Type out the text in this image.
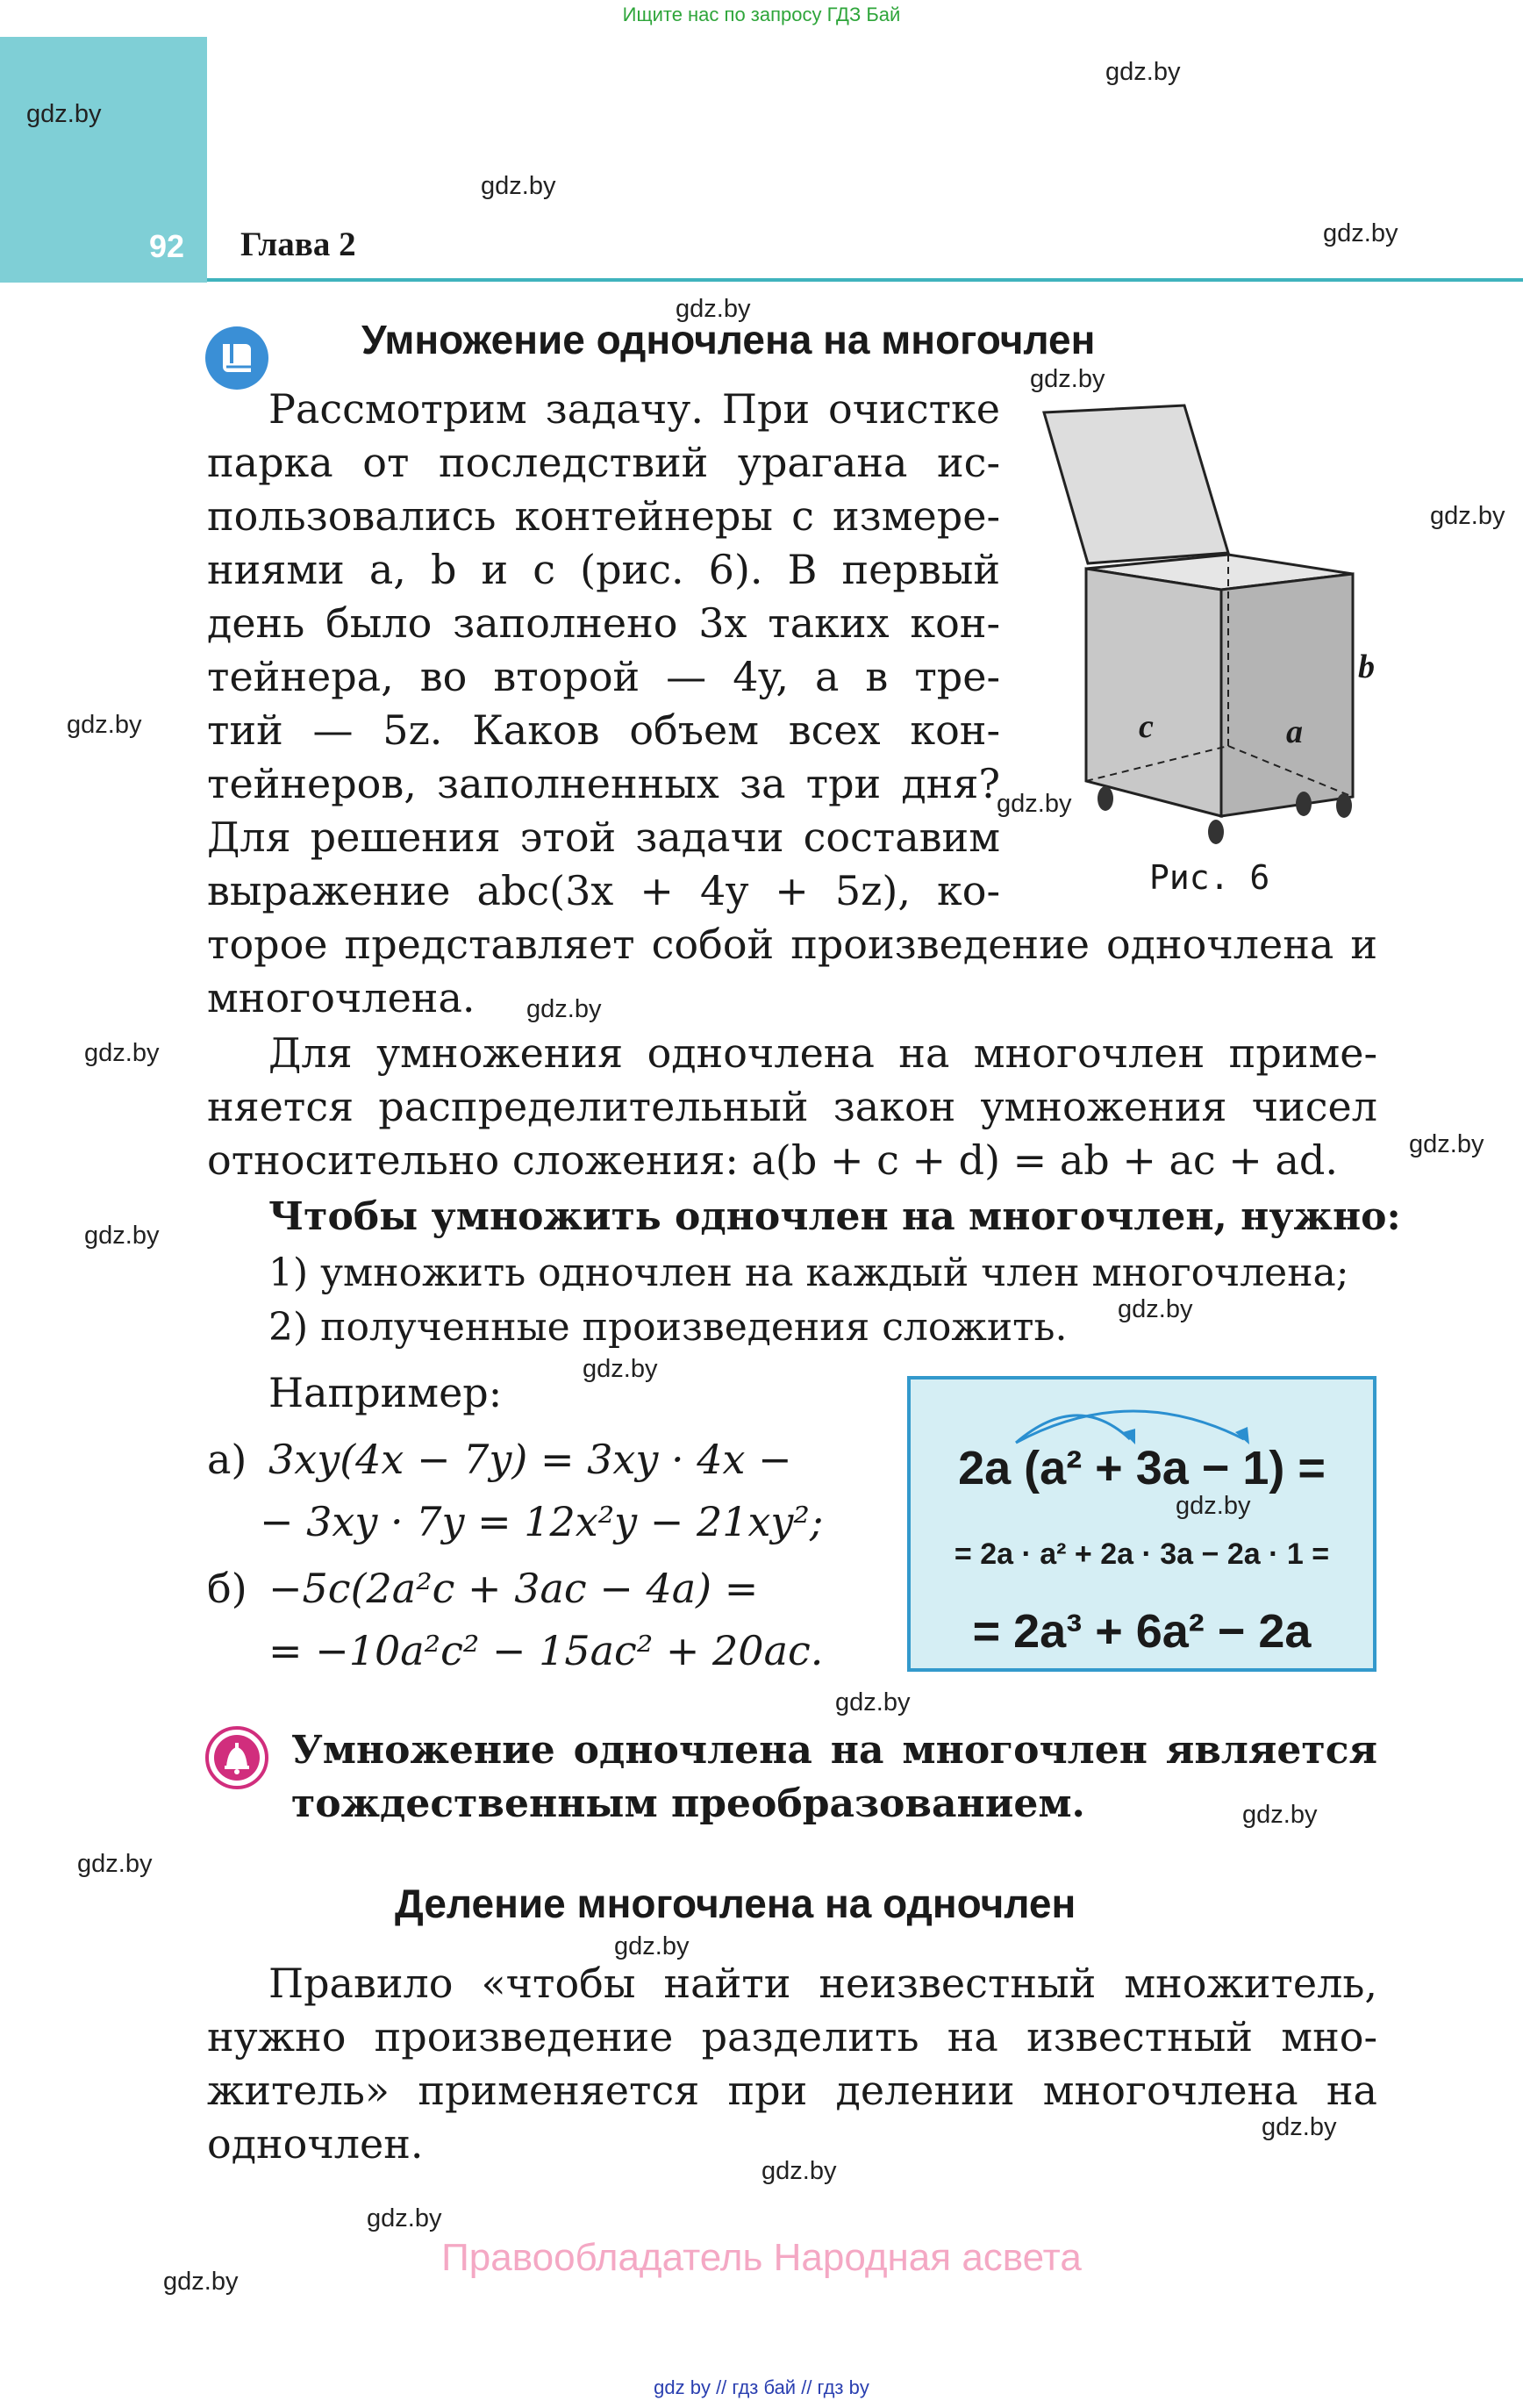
Ищите нас по запросу ГДЗ Бай
92	Глава 2
Умножение одночлена на многочлен
Рассмотрим задачу. При очистке
парка от последствий урагана ис-
пользовались контейнеры с измере-
ниями a, b и c (рис. 6). В первый
день было заполнено 3x таких кон-
тейнера, во второй — 4y, а в тре-
тий — 5z. Каков объем всех кон-
тейнеров, заполненных за три дня?
Для решения этой задачи составим
выражение abc(3x + 4y + 5z), ко-
торое представляет собой произведение одночлена и
многочлена.
b
c	a
Рис. 6
Для умножения одночлена на многочлен приме-
няется распределительный закон умножения чисел
относительно сложения: a(b + c + d) = ab + ac + ad.
Чтобы умножить одночлен на многочлен, нужно:
1) умножить одночлен на каждый член многочлена;
2) полученные произведения сложить.
Например:
а) 3xy(4x − 7y) = 3xy · 4x −
− 3xy · 7y = 12x²y − 21xy²;
б) −5c(2a²c + 3ac − 4a) =
= −10a²c² − 15ac² + 20ac.
2a (a² + 3a − 1) =
= 2a · a² + 2a · 3a − 2a · 1 =
= 2a³ + 6a² − 2a
Умножение одночлена на многочлен является
тождественным преобразованием.
Деление многочлена на одночлен
Правило «чтобы найти неизвестный множитель,
нужно произведение разделить на известный мно-
житель» применяется при делении многочлена на
одночлен.
gdz.by
gdz.by
gdz.by
gdz.by
gdz.by
gdz.by
gdz.by
gdz.by
gdz.by
gdz.by
gdz.by
gdz.by
gdz.by
gdz.by
gdz.by
gdz.by
gdz.by
gdz.by
gdz.by
gdz.by
gdz.by
gdz.by
gdz.by
gdz.by
Правообладатель Народная асвета
gdz by // гдз бай // гдз by
